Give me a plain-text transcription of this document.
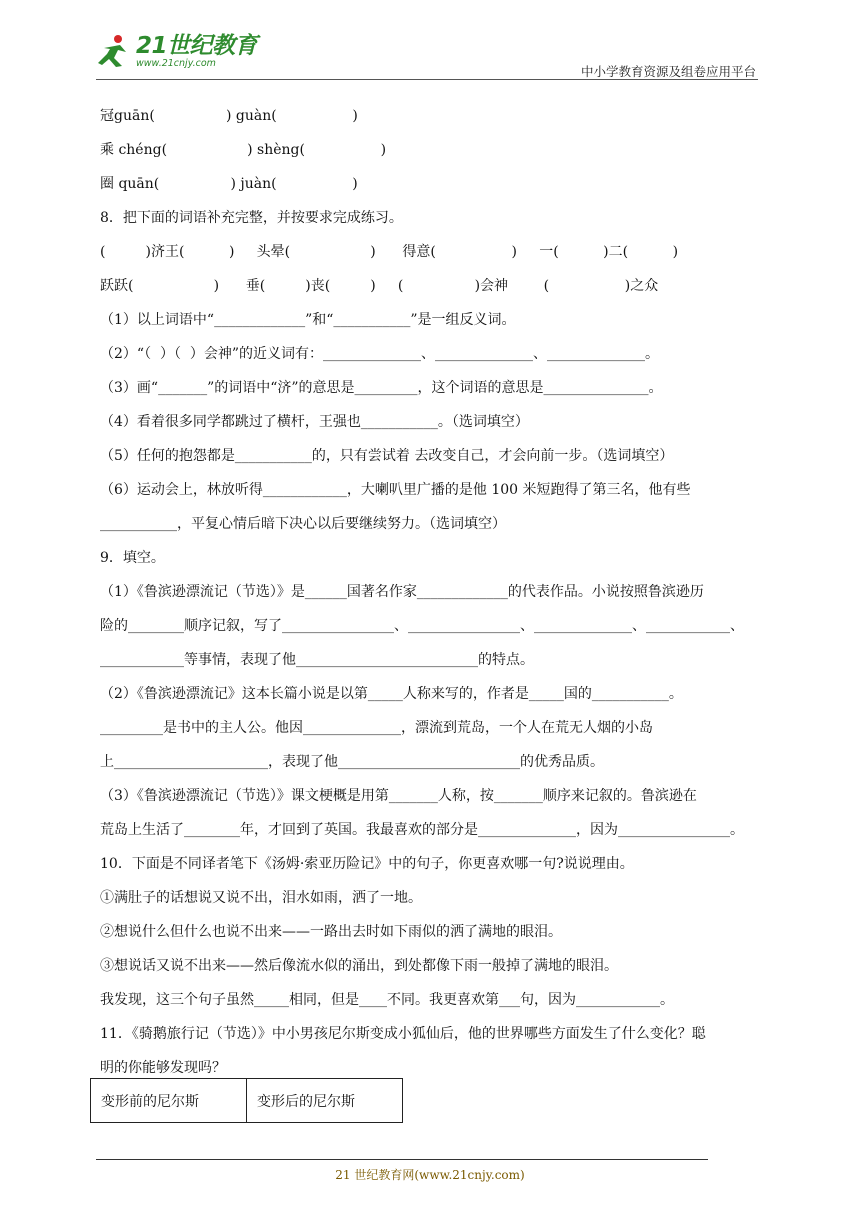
21世纪教育
www.21cnjy.com
中小学教育资源及组卷应用平台
冠guān(                ) guàn(                 )
乘 chéng(                  ) shèng(                 )
圈 quān(                ) juàn(                 )
8．把下面的词语补充完整，并按要求完成练习。
(         )济王(          )     头晕(                  )      得意(                 )     一(          )二(          )
跃跃(                  )      垂(         )丧(         )     (                )会神        (                 )之众
（1）以上词语中“_____________”和“___________”是一组反义词。
（2）“（  ）（  ）会神”的近义词有：______________、______________、______________。
（3）画“_______”的词语中“济”的意思是_________，这个词语的意思是_______________。
（4）看着很多同学都跳过了横杆，王强也___________。（选词填空）
（5）任何的抱怨都是___________的，只有尝试着 去改变自己，才会向前一步。（选词填空）
（6）运动会上，林放听得____________，大喇叭里广播的是他 100 米短跑得了第三名，他有些
___________，平复心情后暗下决心以后要继续努力。（选词填空）
9．填空。
（1）《鲁滨逊漂流记（节选）》是______国著名作家_____________的代表作品。小说按照鲁滨逊历
险的________顺序记叙，写了________________、________________、______________、____________、
____________等事情，表现了他__________________________的特点。
（2）《鲁滨逊漂流记》这本长篇小说是以第_____人称来写的，作者是_____国的___________。
_________是书中的主人公。他因______________，漂流到荒岛，一个人在荒无人烟的小岛
上______________________，表现了他__________________________的优秀品质。
（3）《鲁滨逊漂流记（节选）》课文梗概是用第_______人称，按_______顺序来记叙的。鲁滨逊在
荒岛上生活了________年，才回到了英国。我最喜欢的部分是______________，因为________________。
10．下面是不同译者笔下《汤姆·索亚历险记》中的句子，你更喜欢哪一句?说说理由。
①满肚子的话想说又说不出，泪水如雨，洒了一地。
②想说什么但什么也说不出来——一路出去时如下雨似的洒了满地的眼泪。
③想说话又说不出来——然后像流水似的涌出，到处都像下雨一般掉了满地的眼泪。
我发现，这三个句子虽然_____相同，但是____不同。我更喜欢第___句，因为____________。
11．《骑鹅旅行记（节选）》中小男孩尼尔斯变成小狐仙后，他的世界哪些方面发生了什么变化？聪
明的你能够发现吗？
变形前的尼尔斯	变形后的尼尔斯
21 世纪教育网(www.21cnjy.com)
